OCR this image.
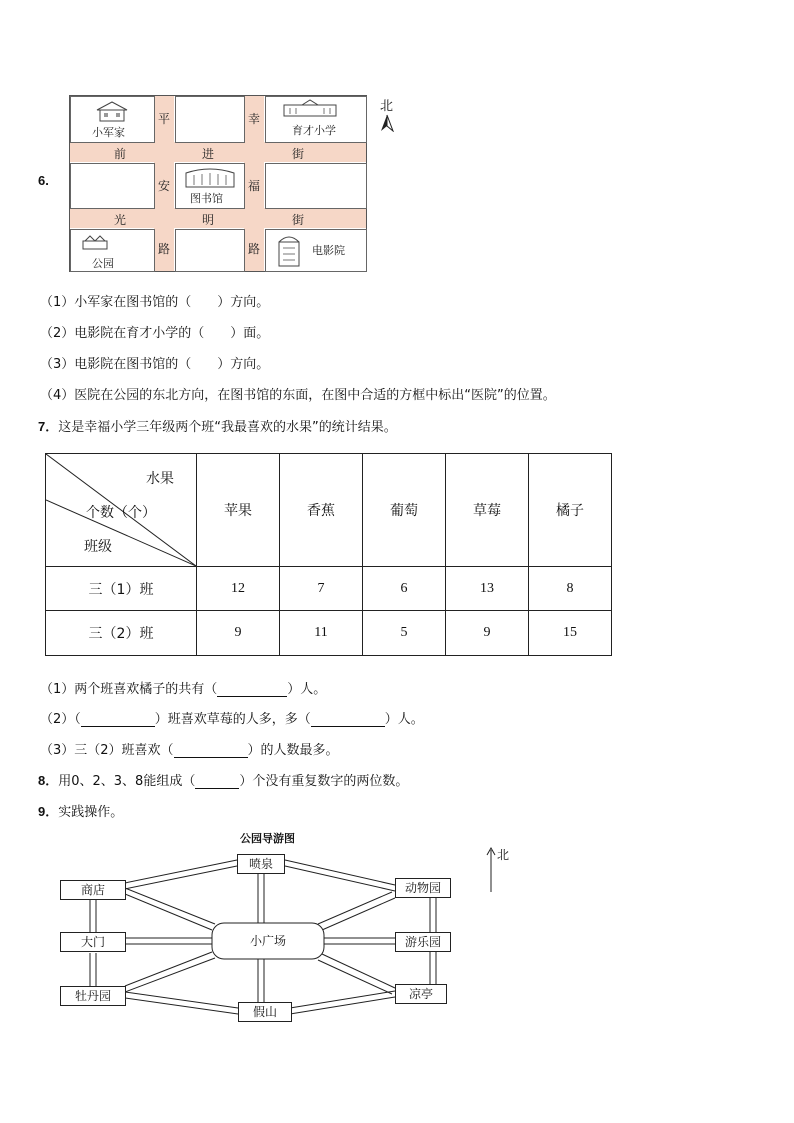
6.
小军家	育才小学
图书馆
公园
电影院
平	幸
前	进	街
安	福
光	明	街
路	路
北
（1）小军家在图书馆的（　　）方向。
（2）电影院在育才小学的（　　）面。
（3）电影院在图书馆的（　　）方向。
（4）医院在公园的东北方向，在图书馆的东面，在图中合适的方框中标出“医院”的位置。
7．这是幸福小学三年级两个班“我最喜欢的水果”的统计结果。
水果
个数（个）
班级	苹果	香蕉	葡萄	草莓	橘子
三（1）班	12	7	6	13	8
三（2）班	9	11	5	9	15
（1）两个班喜欢橘子的共有（	）人。
（2）（	）班喜欢草莓的人多，多（	）人。
（3）三（2）班喜欢（	）的人数最多。
8．用0、2、3、8能组成（	）个没有重复数字的两位数。
9．实践操作。
公园导游图
喷泉
商店	动物园
大门	小广场	游乐园
牡丹园
假山
凉亭
北
